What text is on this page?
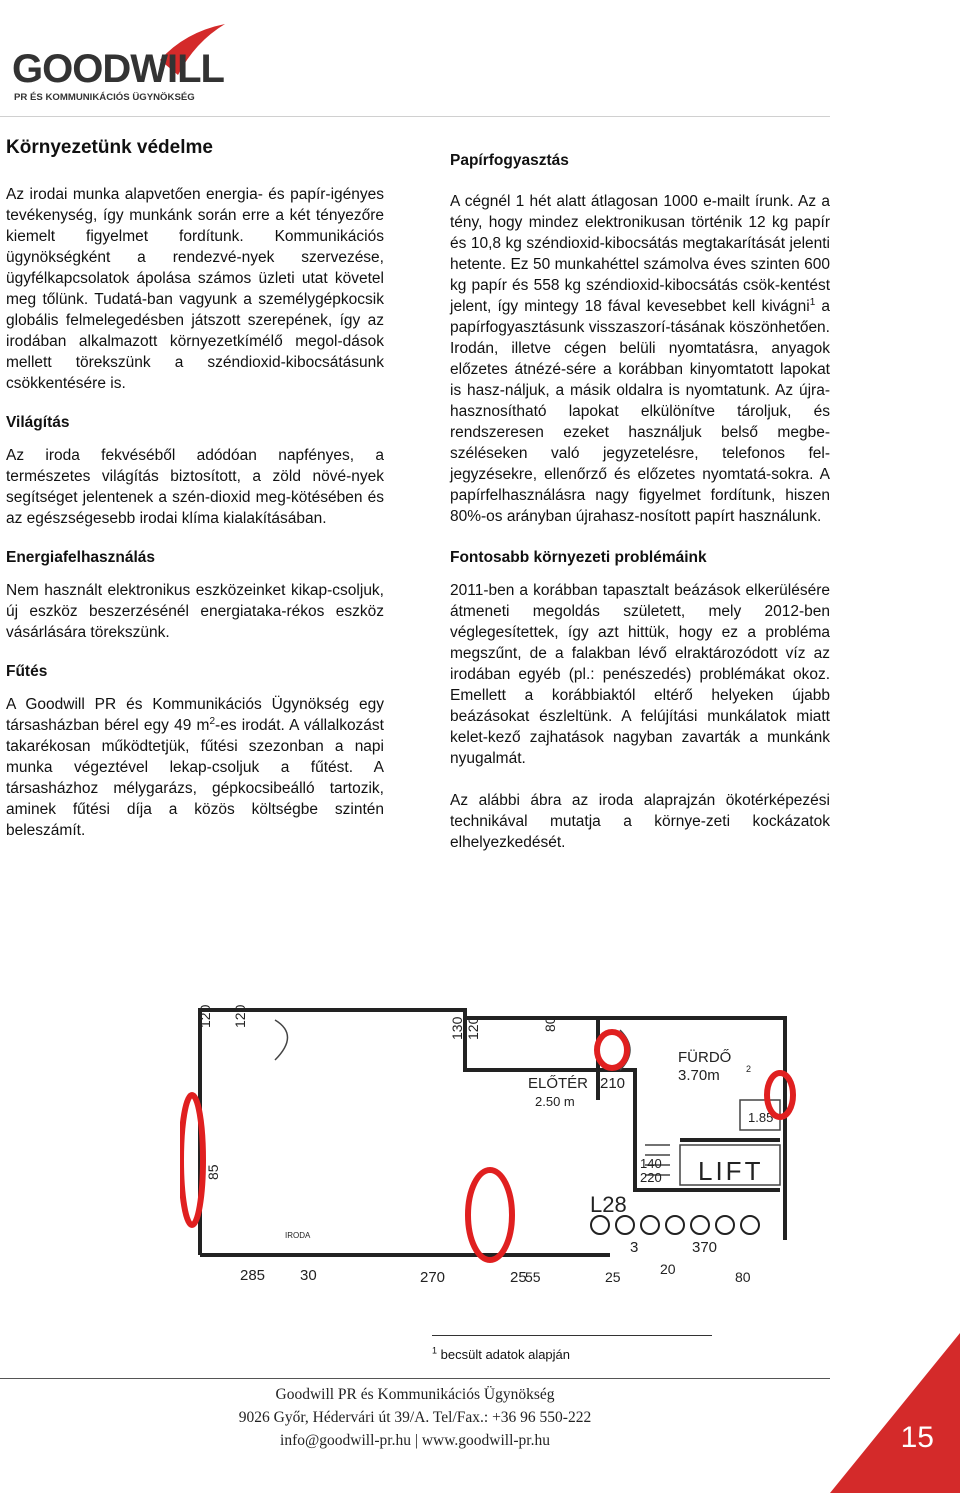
GOODWILL
PR ÉS KOMMUNIKÁCIÓS ÜGYNÖKSÉG
Környezetünk védelme

Az irodai munka alapvetően energia- és papír-igényes tevékenység, így munkánk során erre a két tényezőre kiemelt figyelmet fordítunk. Kommunikációs ügynökségként a rendezvé-nyek szervezése, ügyfélkapcsolatok ápolása számos üzleti utat követel meg tőlünk. Tudatá-ban vagyunk a személygépkocsik globális felmelegedésben játszott szerepének, így az irodában alkalmazott környezetkímélő megol-dások mellett törekszünk a széndioxid-kibocsátásunk csökkentésére is.

Világítás

Az iroda fekvéséből adódóan napfényes, a természetes világítás biztosított, a zöld növé-nyek segítséget jelentenek a szén-dioxid meg-kötésében és az egészségesebb irodai klíma kialakításában.

Energiafelhasználás

Nem használt elektronikus eszközeinket kikap-csoljuk, új eszköz beszerzésénél energiataka-rékos eszköz vásárlására törekszünk.

Fűtés

A Goodwill PR és Kommunikációs Ügynökség egy társasházban bérel egy 49 $m^2-es$ irodát. A vállalkozást takarékosan működtetjük, fűtési szezonban a napi munka végeztével lekap-csoljuk a fűtést. A társasházhoz mélygarázs, gépkocsibeálló tartozik, aminek fűtési díja a közös költségbe szintén beleszámít.

Papírfogyasztás

A cégnél 1 hét alatt átlagosan 1000 e-mailt írunk. Az a tény, hogy mindez elektronikusan történik 12 kg papír és 10,8 kg széndioxid-kibocsátás megtakarítását jelenti hetente. Ez 50 munkahéttel számolva éves szinten 600 kg papír és 558 kg széndioxid-kibocsátás csök-kentést jelent, így mintegy 18 fával kevesebbet kell kivágni$^1$ a papírfogyasztásunk visszaszorí-tásának köszönhetően. Irodán, illetve cégen belüli nyomtatásra, anyagok előzetes átnézé-sére a korábban kinyomtatott lapokat is hasz-náljuk, a másik oldalra is nyomtatunk. Az újra-hasznosítható lapokat elkülönítve tároljuk, és rendszeresen ezeket használjuk belső megbe-széléseken való jegyzetelésre, telefonos fel-jegyzésekre, ellenőrző és előzetes nyomtatá-sokra. A papírfelhasználásra nagy figyelmet fordítunk, hiszen 80%-os arányban újrahasz-nosított papírt használunk.

Fontosabb környezeti problémáink

2011-ben a korábban tapasztalt beázások elkerülésére átmeneti megoldás született, mely 2012-ben véglegesítettek, így azt hittük, hogy ez a probléma megszűnt, de a falakban lévő elraktározódott víz az irodában egyéb (pl.: penészedés) problémákat okoz. Emellett a korábbiaktól eltérő helyeken újabb beázásokat észleltünk. A felújítási munkálatok miatt kelet-kező zajhatások nagyban zavarták a munkánk nyugalmát.

Az alábbi ábra az iroda alaprajzán ökotérképezési technikával mutatja a környe-zeti kockázatok elhelyezkedését.

120 120
130 120	80
85
IRODA
285 30	270	25
ELŐTÉR 210
2.50 m
FÜRDŐ
3.70m	2
1.85
140
220 LIFT
L28
3	370
20
55	25	80
$^1$ becsült adatok alapján
Goodwill PR és Kommunikációs Ügynökség
9026 Győr, Hédervári út 39/A. Tel/Fax.: +36 96 550-222
info@goodwill-pr.hu | www.goodwill-pr.hu	15
